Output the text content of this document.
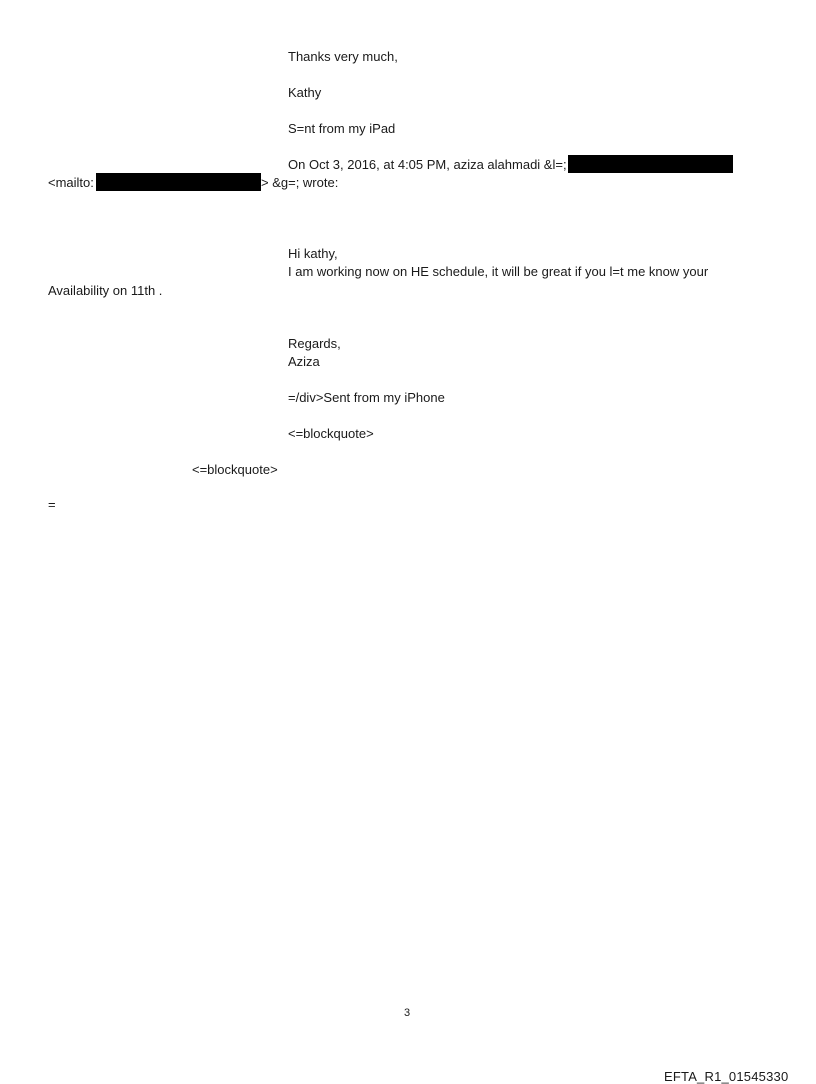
Thanks very much,

Kathy

S=nt from my iPad

On Oct 3, 2016, at 4:05 PM, aziza alahmadi &l=;

<mailto:	> &g=; wrote:

Hi kathy,

I am working now on HE schedule, it will be great if you l=t me know your

Availability on 11th .

Regards,

Aziza

=/div>Sent from my iPhone

<=blockquote>

<=blockquote>

=

3

EFTA_R1_01545330
